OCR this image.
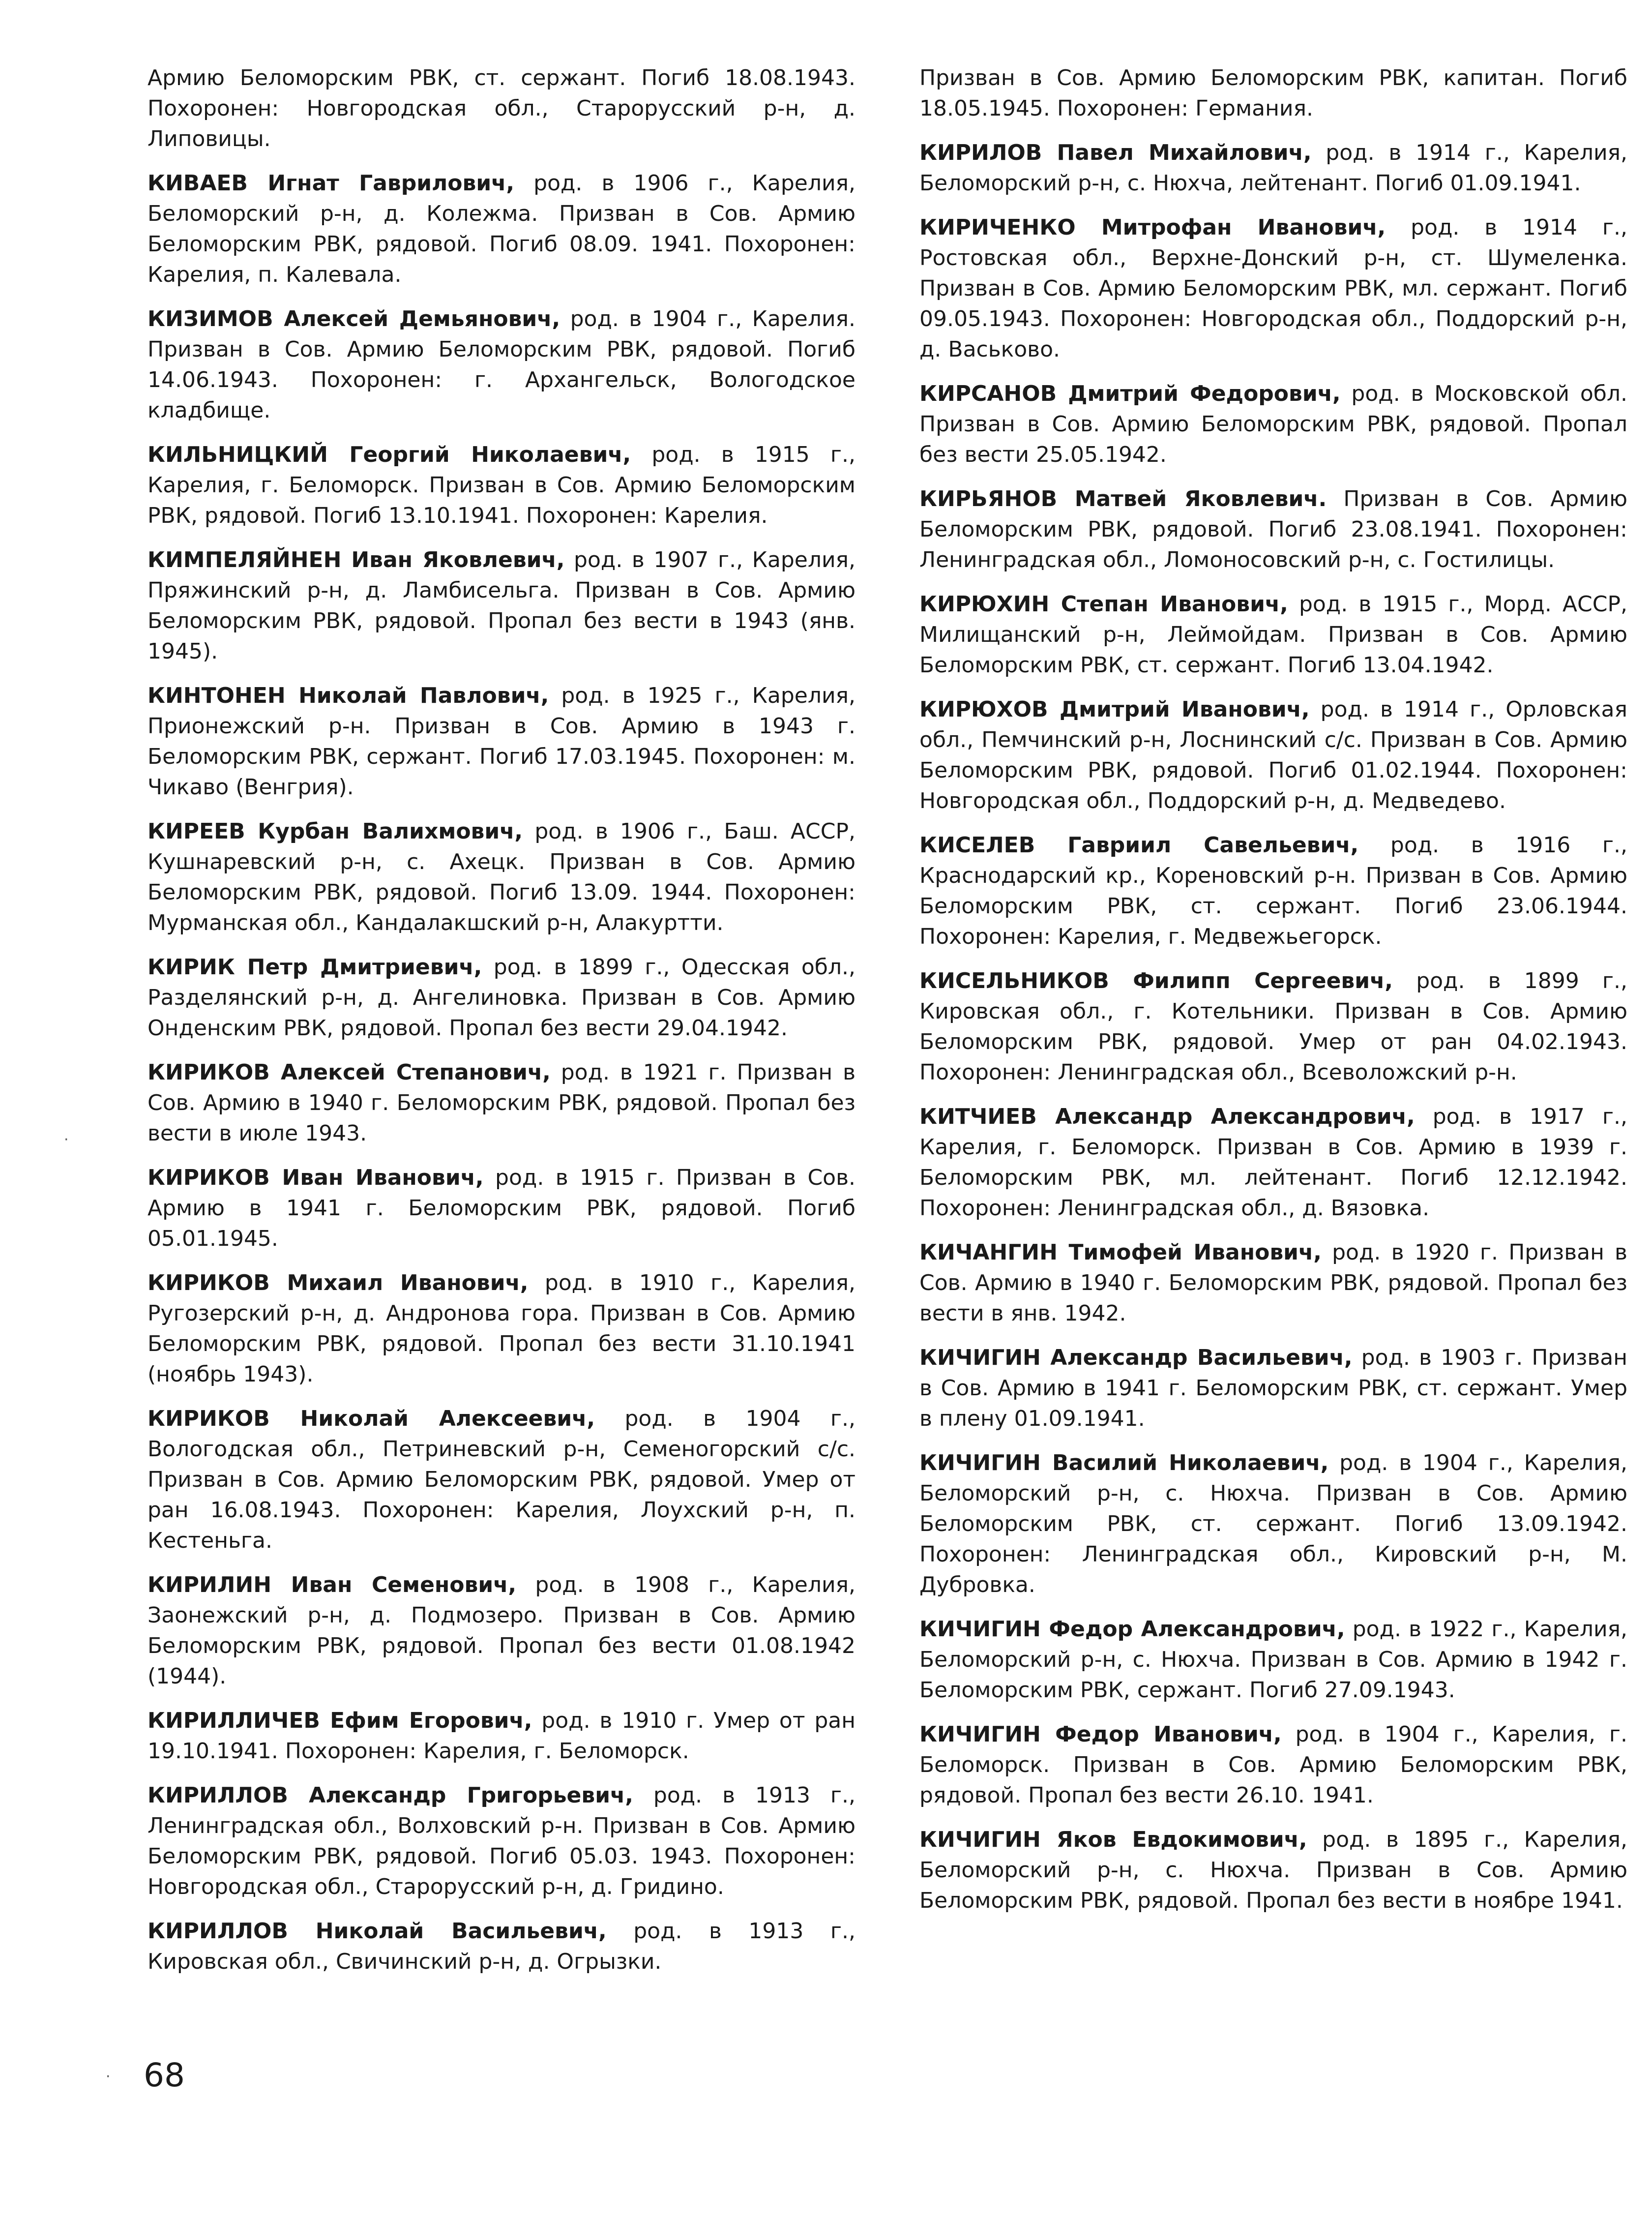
Армию Беломорским РВК, ст. сержант. Погиб 18.08.1943. Похоронен: Новгородская обл., Старорусский р-н, д. Липовицы.

КИВАЕВ Игнат Гаврилович, род. в 1906 г., Карелия, Беломорский р-н, д. Колежма. Призван в Сов. Армию Беломорским РВК, рядовой. Погиб 08.09. 1941. Похоронен: Карелия, п. Калевала.

КИЗИМОВ Алексей Демьянович, род. в 1904 г., Карелия. Призван в Сов. Армию Беломорским РВК, рядовой. Погиб 14.06.1943. Похоронен: г. Архангельск, Вологодское кладбище.

КИЛЬНИЦКИЙ Георгий Николаевич, род. в 1915 г., Карелия, г. Беломорск. Призван в Сов. Армию Беломорским РВК, рядовой. Погиб 13.10.1941. Похоронен: Карелия.

КИМПЕЛЯЙНЕН Иван Яковлевич, род. в 1907 г., Карелия, Пряжинский р-н, д. Ламбисельга. Призван в Сов. Армию Беломорским РВК, рядовой. Пропал без вести в 1943 (янв. 1945).

КИНТОНЕН Николай Павлович, род. в 1925 г., Карелия, Прионежский р-н. Призван в Сов. Армию в 1943 г. Беломорским РВК, сержант. Погиб 17.03.1945. Похоронен: м. Чикаво (Венгрия).

КИРЕЕВ Курбан Валихмович, род. в 1906 г., Баш. АССР, Кушнаревский р-н, с. Ахецк. Призван в Сов. Армию Беломорским РВК, рядовой. Погиб 13.09. 1944. Похоронен: Мурманская обл., Кандалакшский р-н, Алакуртти.

КИРИК Петр Дмитриевич, род. в 1899 г., Одесская обл., Разделянский р-н, д. Ангелиновка. Призван в Сов. Армию Онденским РВК, рядовой. Пропал без вести 29.04.1942.

КИРИКОВ Алексей Степанович, род. в 1921 г. Призван в Сов. Армию в 1940 г. Беломорским РВК, рядовой. Пропал без вести в июле 1943.

КИРИКОВ Иван Иванович, род. в 1915 г. Призван в Сов. Армию в 1941 г. Беломорским РВК, рядовой. Погиб 05.01.1945.

КИРИКОВ Михаил Иванович, род. в 1910 г., Карелия, Ругозерский р-н, д. Андронова гора. Призван в Сов. Армию Беломорским РВК, рядовой. Пропал без вести 31.10.1941 (ноябрь 1943).

КИРИКОВ Николай Алексеевич, род. в 1904 г., Вологодская обл., Петриневский р-н, Семеногорский с/с. Призван в Сов. Армию Беломорским РВК, рядовой. Умер от ран 16.08.1943. Похоронен: Карелия, Лоухский р-н, п. Кестеньга.

КИРИЛИН Иван Семенович, род. в 1908 г., Карелия, Заонежский р-н, д. Подмозеро. Призван в Сов. Армию Беломорским РВК, рядовой. Пропал без вести 01.08.1942 (1944).

КИРИЛЛИЧЕВ Ефим Егорович, род. в 1910 г. Умер от ран 19.10.1941. Похоронен: Карелия, г. Беломорск.

КИРИЛЛОВ Александр Григорьевич, род. в 1913 г., Ленинградская обл., Волховский р-н. Призван в Сов. Армию Беломорским РВК, рядовой. Погиб 05.03. 1943. Похоронен: Новгородская обл., Старорусский р-н, д. Гридино.

КИРИЛЛОВ Николай Васильевич, род. в 1913 г., Кировская обл., Свичинский р-н, д. Огрызки.

Призван в Сов. Армию Беломорским РВК, капитан. Погиб 18.05.1945. Похоронен: Германия.

КИРИЛОВ Павел Михайлович, род. в 1914 г., Карелия, Беломорский р-н, с. Нюхча, лейтенант. Погиб 01.09.1941.

КИРИЧЕНКО Митрофан Иванович, род. в 1914 г., Ростовская обл., Верхне-Донский р-н, ст. Шумеленка. Призван в Сов. Армию Беломорским РВК, мл. сержант. Погиб 09.05.1943. Похоронен: Новгородская обл., Поддорский р-н, д. Васьково.

КИРСАНОВ Дмитрий Федорович, род. в Московской обл. Призван в Сов. Армию Беломорским РВК, рядовой. Пропал без вести 25.05.1942.

КИРЬЯНОВ Матвей Яковлевич. Призван в Сов. Армию Беломорским РВК, рядовой. Погиб 23.08.1941. Похоронен: Ленинградская обл., Ломоносовский р-н, с. Гостилицы.

КИРЮХИН Степан Иванович, род. в 1915 г., Морд. АССР, Милищанский р-н, Леймойдам. Призван в Сов. Армию Беломорским РВК, ст. сержант. Погиб 13.04.1942.

КИРЮХОВ Дмитрий Иванович, род. в 1914 г., Орловская обл., Пемчинский р-н, Лоснинский с/с. Призван в Сов. Армию Беломорским РВК, рядовой. Погиб 01.02.1944. Похоронен: Новгородская обл., Поддорский р-н, д. Медведево.

КИСЕЛЕВ Гавриил Савельевич, род. в 1916 г., Краснодарский кр., Кореновский р-н. Призван в Сов. Армию Беломорским РВК, ст. сержант. Погиб 23.06.1944. Похоронен: Карелия, г. Медвежьегорск.

КИСЕЛЬНИКОВ Филипп Сергеевич, род. в 1899 г., Кировская обл., г. Котельники. Призван в Сов. Армию Беломорским РВК, рядовой. Умер от ран 04.02.1943. Похоронен: Ленинградская обл., Всеволожский р-н.

КИТЧИЕВ Александр Александрович, род. в 1917 г., Карелия, г. Беломорск. Призван в Сов. Армию в 1939 г. Беломорским РВК, мл. лейтенант. Погиб 12.12.1942. Похоронен: Ленинградская обл., д. Вязовка.

КИЧАНГИН Тимофей Иванович, род. в 1920 г. Призван в Сов. Армию в 1940 г. Беломорским РВК, рядовой. Пропал без вести в янв. 1942.

КИЧИГИН Александр Васильевич, род. в 1903 г. Призван в Сов. Армию в 1941 г. Беломорским РВК, ст. сержант. Умер в плену 01.09.1941.

КИЧИГИН Василий Николаевич, род. в 1904 г., Карелия, Беломорский р-н, с. Нюхча. Призван в Сов. Армию Беломорским РВК, ст. сержант. Погиб 13.09.1942. Похоронен: Ленинградская обл., Кировский р-н, М. Дубровка.

КИЧИГИН Федор Александрович, род. в 1922 г., Карелия, Беломорский р-н, с. Нюхча. Призван в Сов. Армию в 1942 г. Беломорским РВК, сержант. Погиб 27.09.1943.

КИЧИГИН Федор Иванович, род. в 1904 г., Карелия, г. Беломорск. Призван в Сов. Армию Беломорским РВК, рядовой. Пропал без вести 26.10. 1941.

КИЧИГИН Яков Евдокимович, род. в 1895 г., Карелия, Беломорский р-н, с. Нюхча. Призван в Сов. Армию Беломорским РВК, рядовой. Пропал без вести в ноябре 1941.

68
·
·
